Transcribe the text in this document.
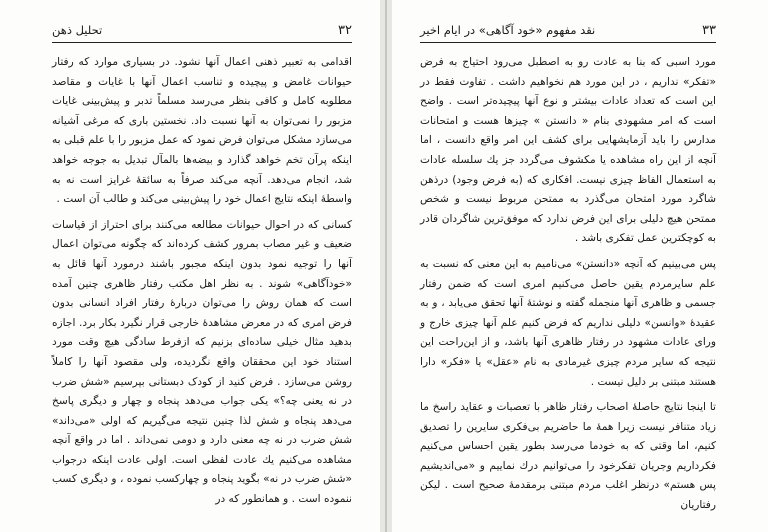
۳۲
تحلیل ذهن

اقدامی به تعبیر ذهنی اعمال آنها نشود. در بسیاری موارد که رفتار حیوانات غامض و پیچیده و تناسب اعمال آنها با غایات و مقاصد مطلوبه کامل و کافی بنظر می‌رسد مسلماً تدبر و پیش‌بینی غایات مزبور را نمی‌توان به آنها نسبت داد. نخستین باری که مرغی آشیانه می‌سازد مشکل می‌توان فرض نمود که عمل مزبور را با علم قبلی به اینکه پرآن تخم خواهد گذارد و بیضه‌ها بالمآل تبدیل به جوجه خواهد شد، انجام می‌دهد. آنچه می‌کند صرفاً به سائقهٔ غرایز است نه به واسطهٔ اینکه نتایج اعمال خود را پیش‌بینی می‌کند و طالب آن است .

کسانی که در احوال حیوانات مطالعه می‌کنند برای احتراز از قیاسات ضعیف و غیر مصاب بمرور کشف کرده‌اند که چگونه می‌توان اعمال آنها را توجیه نمود بدون اینکه مجبور باشند درمورد آنها قائل به «خودآگاهی» شوند . به نظر اهل مکتب رفتار ظاهری چنین آمده است که همان روش را می‌توان دربارهٔ رفتار افراد انسانی بدون فرض امری که در معرض مشاهدهٔ خارجی قرار نگیرد بکار برد. اجازه بدهید مثال خیلی ساده‌ای بزنیم که ازفرط سادگی هیچ وقت مورد استناد خود این محققان واقع نگردیده، ولی مقصود آنها را کاملاً روشن می‌سازد . فرض کنید از کودک دبستانی بپرسیم «شش ضرب در نه یعنی چه؟» یکی جواب می‌دهد پنجاه و چهار و دیگری پاسخ می‌دهد پنجاه و شش لذا چنین نتیجه می‌گیریم که اولی «می‌داند» شش ضرب در نه چه معنی دارد و دومی نمی‌داند . اما در واقع آنچه مشاهده می‌کنیم یك عادت لفظی است. اولی عادت اینکه درجواب «شش ضرب در نه» بگوید پنجاه و چهارکسب نموده ، و دیگری کسب ننموده است . و همانطور که در

۳۳
نقد مفهوم «خود آگاهی» در ایام اخیر

مورد اسبی که بنا به عادت رو به اصطبل می‌رود احتیاج به فرض «تفکر» نداریم ، در این مورد هم نخواهیم داشت . تفاوت فقط در این است که تعداد عادات بیشتر و نوع آنها پیچیده‌تر است . واضح است که امر مشهودی بنام « دانستن » چیزها هست و امتحانات مدارس را باید آزمایشهایی برای کشف این امر واقع دانست ، اما آنچه از این راه مشاهده یا مکشوف می‌گردد جز یك سلسله عادات به استعمال الفاظ چیزی نیست. افکاری که (به فرض وجود) درذهن شاگرد مورد امتحان می‌گذرد به ممتحن مربوط نیست و شخص ممتحن هیچ دلیلی برای این فرض ندارد که موفق‌ترین شاگردان قادر به کوچکترین عمل تفکری باشد .

پس می‌بینیم که آنچه «دانستن» می‌نامیم به این معنی که نسبت به علم سایرمردم یقین حاصل می‌کنیم امری است که ضمن رفتار جسمی و ظاهری آنها منجمله گفته و نوشتهٔ آنها تحقق می‌یابد ، و به عقیدهٔ «وانسن» دلیلی نداریم که فرض کنیم علم آنها چیزی خارج و ورای عادات مشهود در رفتار ظاهری آنها باشد، و از این‌راحت این نتیجه که سایر مردم چیزی غیرمادی به نام «عقل» یا «فکر» دارا هستند مبتنی بر دلیل نیست .

تا اینجا نتایج حاصلهٔ اصحاب رفتار ظاهر با تعصبات و عقاید راسخ ما زیاد متنافر نیست زیرا همهٔ ما حاضریم بی‌فکری سایرین را تصدیق کنیم، اما وقتی که به خودما می‌رسد بطور یقین احساس می‌کنیم فکرداریم وجریان تفکرخود را می‌توانیم درك نماییم و «می‌اندیشیم پس هستم» درنظر اغلب مردم مبتنی برمقدمهٔ صحیح است . لیکن رفتاریان
